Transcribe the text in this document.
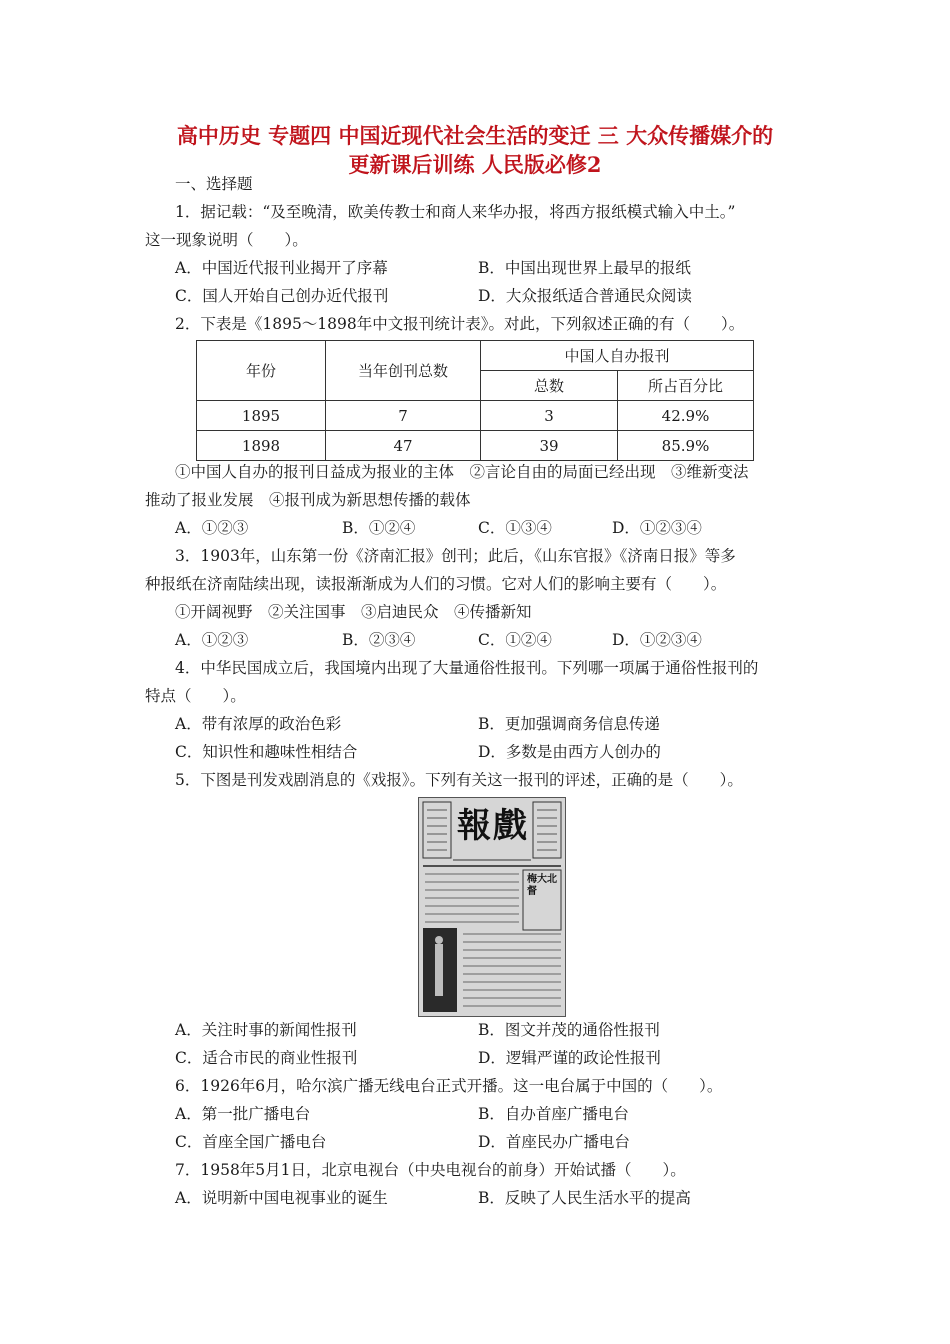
高中历史 专题四 中国近现代社会生活的变迁 三 大众传播媒介的
更新课后训练 人民版必修2
一、选择题
1．据记载：“及至晚清，欧美传教士和商人来华办报，将西方报纸模式输入中土。”
这一现象说明（　　）。
A．中国近代报刊业揭开了序幕	B．中国出现世界上最早的报纸
C．国人开始自己创办近代报刊	D．大众报纸适合普通民众阅读
2．下表是《1895～1898年中文报刊统计表》。对此，下列叙述正确的有（　　）。
年份	当年创刊总数	中国人自办报刊	
		总数	所占百分比
1895	7	3	42.9%
1898	47	39	85.9%
①中国人自办的报刊日益成为报业的主体　②言论自由的局面已经出现　③维新变法
推动了报业发展　④报刊成为新思想传播的载体
A．①②③	B．①②④	C．①③④	D．①②③④
3．1903年，山东第一份《济南汇报》创刊；此后，《山东官报》《济南日报》等多
种报纸在济南陆续出现，读报渐渐成为人们的习惯。它对人们的影响主要有（　　）。
①开阔视野　②关注国事　③启迪民众　④传播新知
A．①②③	B．②③④	C．①②④	D．①②③④
4．中华民国成立后，我国境内出现了大量通俗性报刊。下列哪一项属于通俗性报刊的
特点（　　）。
A．带有浓厚的政治色彩	B．更加强调商务信息传递
C．知识性和趣味性相结合	D．多数是由西方人创办的
5．下图是刊发戏剧消息的《戏报》。下列有关这一报刊的评述，正确的是（　　）。
報戲
梅大北督
A．关注时事的新闻性报刊	B．图文并茂的通俗性报刊
C．适合市民的商业性报刊	D．逻辑严谨的政论性报刊
6．1926年6月，哈尔滨广播无线电台正式开播。这一电台属于中国的（　　）。
A．第一批广播电台	B．自办首座广播电台
C．首座全国广播电台	D．首座民办广播电台
7．1958年5月1日，北京电视台（中央电视台的前身）开始试播（　　）。
A．说明新中国电视事业的诞生	B．反映了人民生活水平的提高
